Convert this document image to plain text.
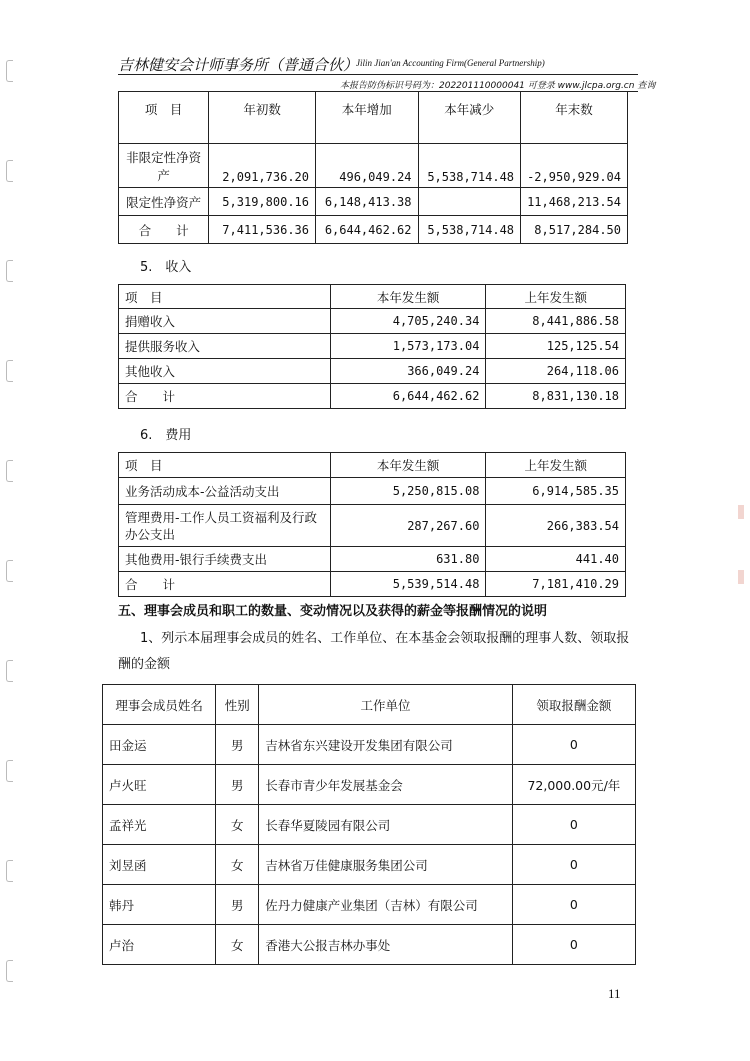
吉林健安会计师事务所（普通合伙）
Jilin Jian'an Accounting Firm(General Partnership)
本报告防伪标识号码为：202201110000041 可登录 www.jlcpa.org.cn 查询
项　目	年初数	本年增加	本年减少	年末数
非限定性净资产	2,091,736.20	496,049.24	5,538,714.48	-2,950,929.04
限定性净资产	5,319,800.16	6,148,413.38		11,468,213.54
合　　计	7,411,536.36	6,644,462.62	5,538,714.48	8,517,284.50
5.　收入
项　目	本年发生额	上年发生额
捐赠收入	4,705,240.34	8,441,886.58
提供服务收入	1,573,173.04	125,125.54
其他收入	366,049.24	264,118.06
合　　计	6,644,462.62	8,831,130.18
6.　费用
项　目	本年发生额	上年发生额
业务活动成本-公益活动支出	5,250,815.08	6,914,585.35
管理费用-工作人员工资福利及行政办公支出	287,267.60	266,383.54
其他费用-银行手续费支出	631.80	441.40
合　　计	5,539,514.48	7,181,410.29
五、理事会成员和职工的数量、变动情况以及获得的薪金等报酬情况的说明
1、列示本届理事会成员的姓名、工作单位、在本基金会领取报酬的理事人数、领取报
酬的金额
理事会成员姓名	性别	工作单位	领取报酬金额
田金运	男	吉林省东兴建设开发集团有限公司	0
卢火旺	男	长春市青少年发展基金会	72,000.00元/年
孟祥光	女	长春华夏陵园有限公司	0
刘昱函	女	吉林省万佳健康服务集团公司	0
韩丹	男	佐丹力健康产业集团（吉林）有限公司	0
卢治	女	香港大公报吉林办事处	0
11
